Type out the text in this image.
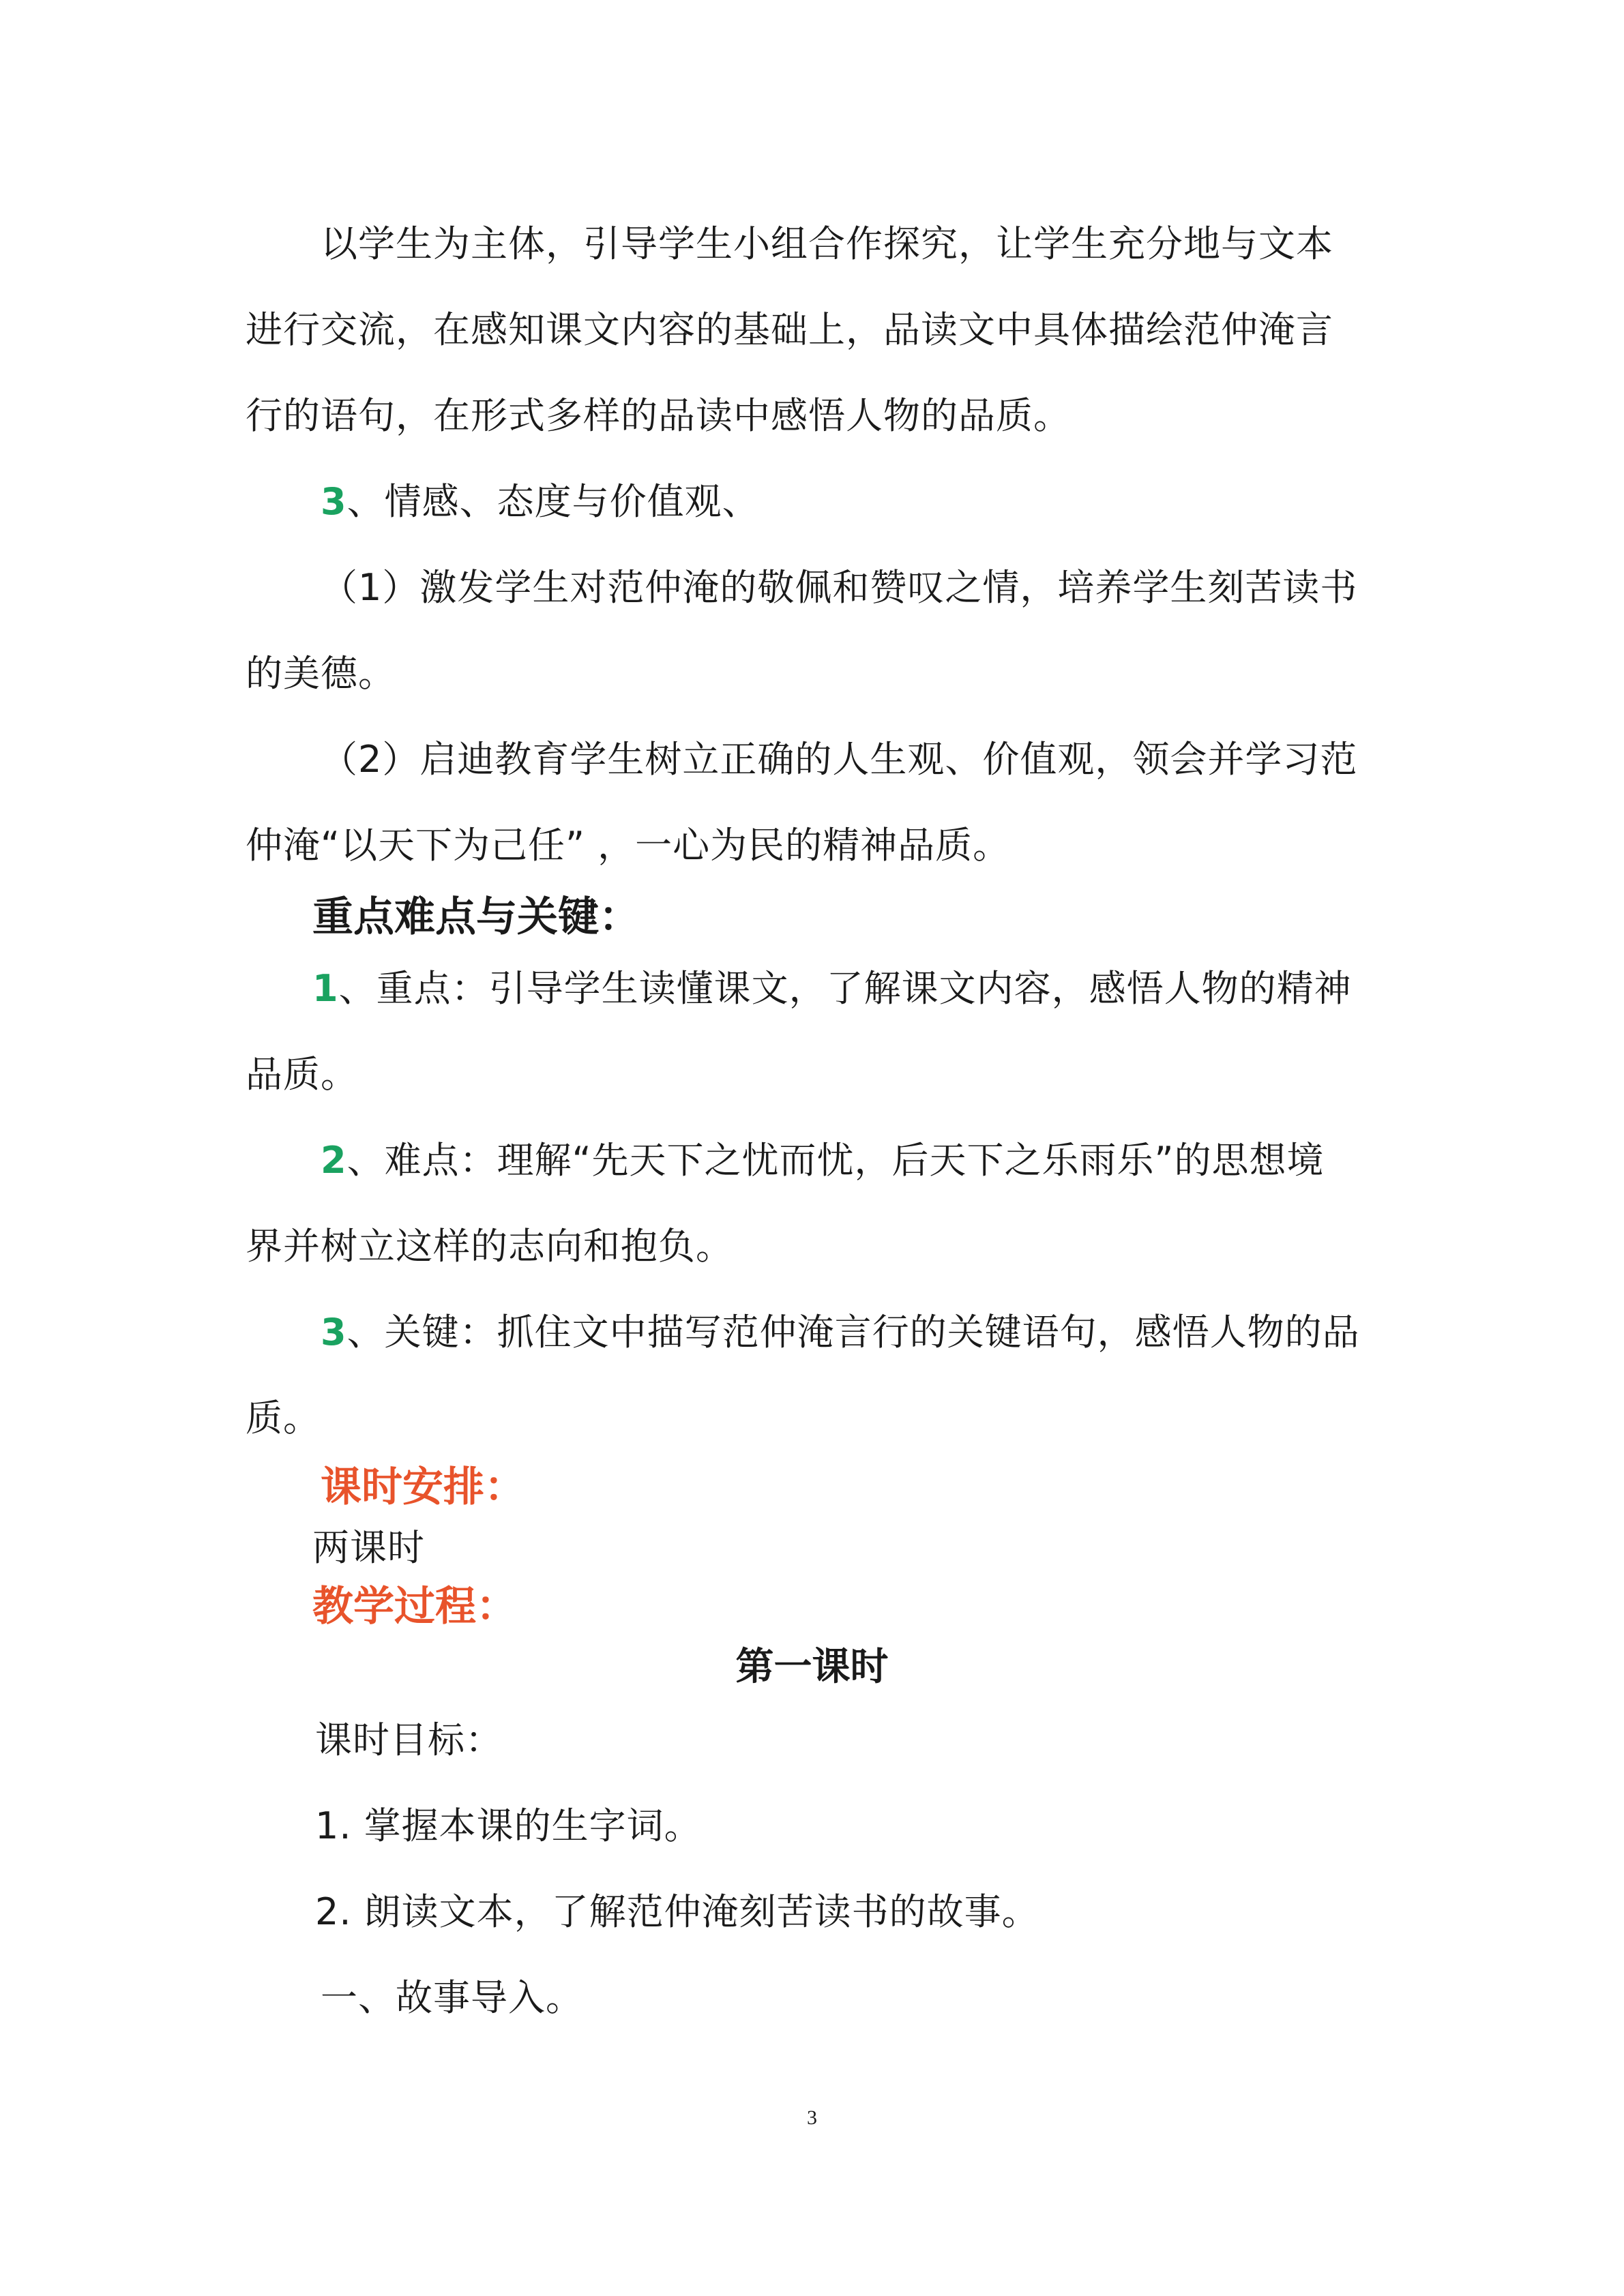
以学生为主体，引导学生小组合作探究，让学生充分地与文本
进行交流，在感知课文内容的基础上，品读文中具体描绘范仲淹言
行的语句，在形式多样的品读中感悟人物的品质。
3、情感、态度与价值观、
（1）激发学生对范仲淹的敬佩和赞叹之情，培养学生刻苦读书
的美德。
（2）启迪教育学生树立正确的人生观、价值观，领会并学习范
仲淹“以天下为己任” ，一心为民的精神品质。
重点难点与关键：
1、重点：引导学生读懂课文，了解课文内容，感悟人物的精神
品质。
2、难点：理解“先天下之忧而忧，后天下之乐雨乐”的思想境
界并树立这样的志向和抱负。
3、关键：抓住文中描写范仲淹言行的关键语句，感悟人物的品
质。
课时安排：
两课时
教学过程：
第一课时
课时目标：
1. 掌握本课的生字词。
2. 朗读文本，了解范仲淹刻苦读书的故事。
一、故事导入。
3
